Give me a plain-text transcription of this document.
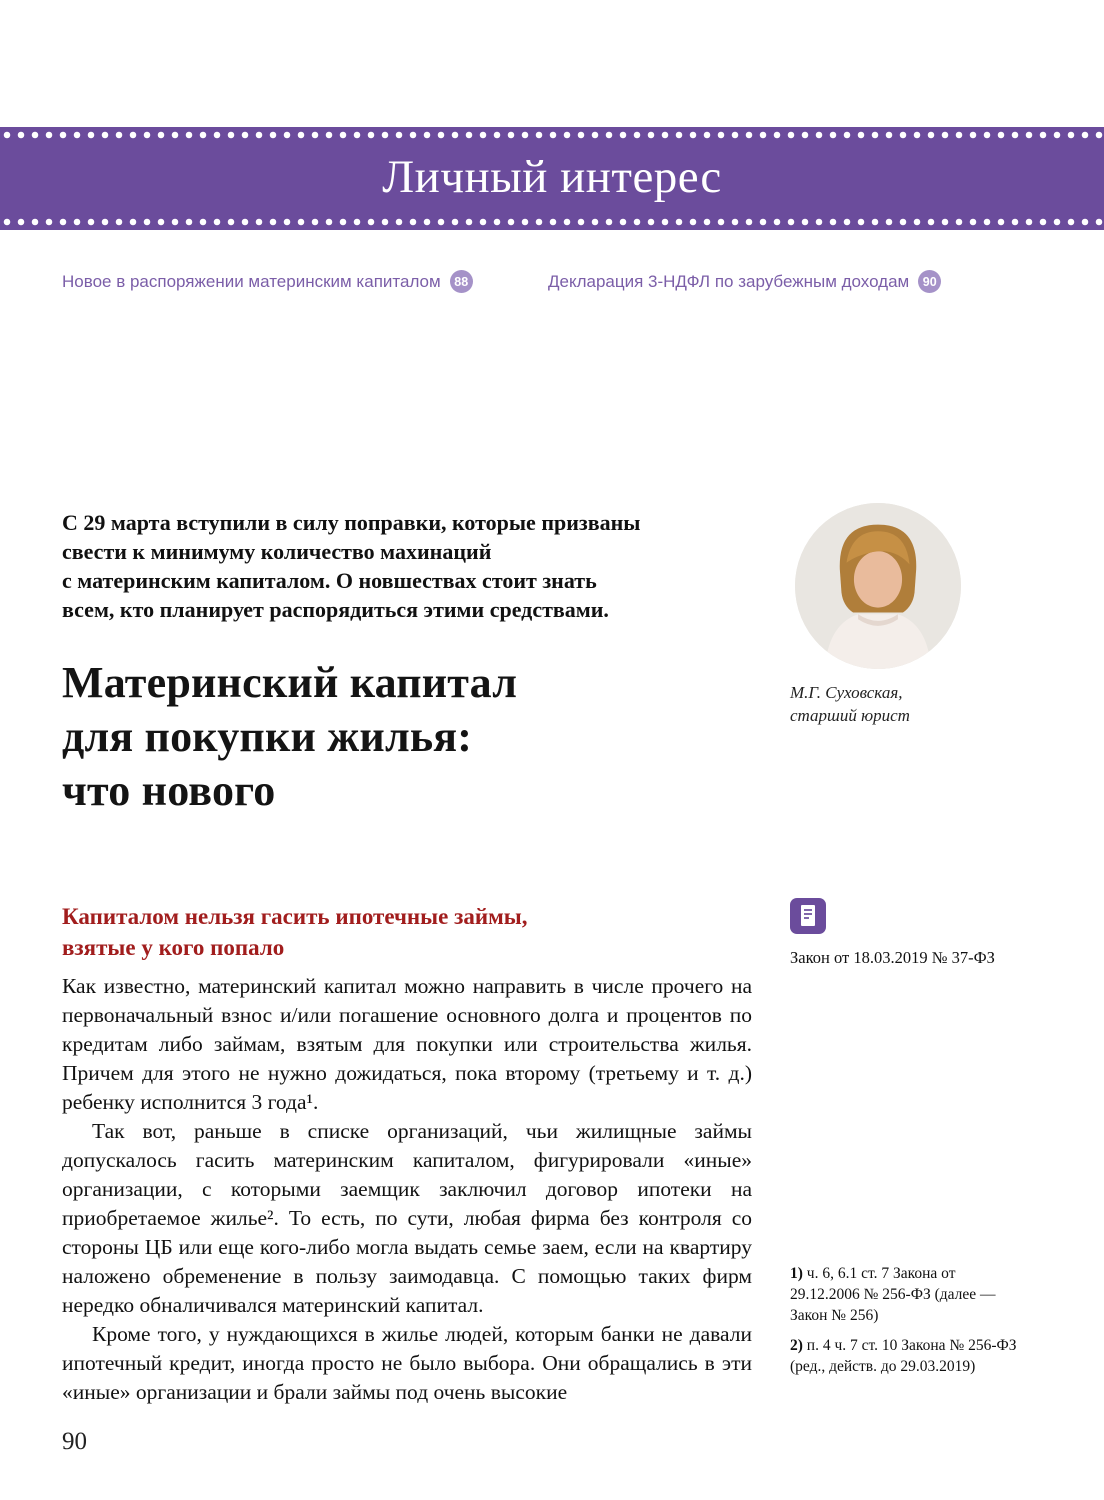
Личный интерес
Новое в распоряжении материнским капиталом	88	Декларация 3-НДФЛ по зарубежным доходам	90
С 29 марта вступили в силу поправки, которые призваны
свести к минимуму количество махинаций
с материнским капиталом. О новшествах стоит знать
всем, кто планирует распорядиться этими средствами.
М.Г. Суховская,
старший юрист
Материнский капитал
для покупки жилья:
что нового
Капиталом нельзя гасить ипотечные займы,
взятые у кого попало

Как известно, материнский капитал можно направить в числе прочего на первоначальный взнос и/или погашение основного долга и процентов по кредитам либо займам, взятым для покупки или строительства жилья. Причем для этого не нужно дожидаться, пока второму (третьему и т. д.) ребенку исполнится 3 года¹.

Так вот, раньше в списке организаций, чьи жилищные займы допускалось гасить материнским капиталом, фигурировали «иные» организации, с которыми заемщик заключил договор ипотеки на приобретаемое жилье². То есть, по сути, любая фирма без контроля со стороны ЦБ или еще кого-либо могла выдать семье заем, если на квартиру наложено обременение в пользу заимодавца. С помощью таких фирм нередко обналичивался материнский капитал.

Кроме того, у нуждающихся в жилье людей, которым банки не давали ипотечный кредит, иногда просто не было выбора. Они обращались в эти «иные» организации и брали займы под очень высокие

Закон от 18.03.2019 № 37-ФЗ
1) ч. 6, 6.1 ст. 7 Закона от 29.12.2006 № 256-ФЗ (далее — Закон № 256)
2) п. 4 ч. 7 ст. 10 Закона № 256-ФЗ (ред., действ. до 29.03.2019)
90
